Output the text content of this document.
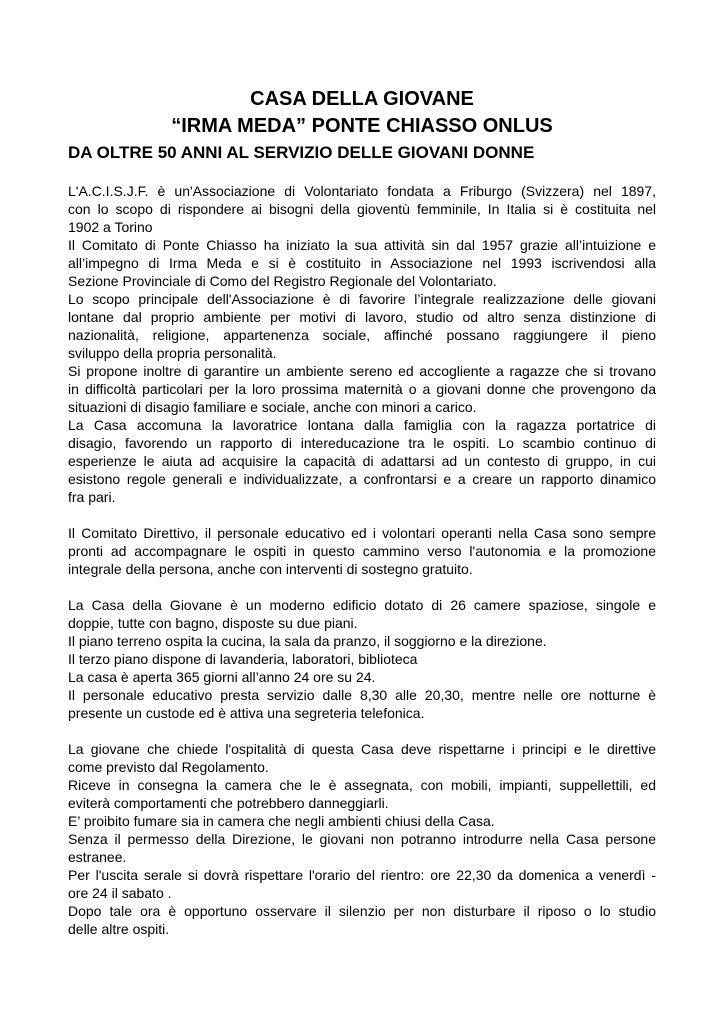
CASA DELLA GIOVANE
“IRMA MEDA” PONTE CHIASSO ONLUS
DA OLTRE 50 ANNI AL SERVIZIO DELLE GIOVANI DONNE

L'A.C.I.S.J.F. è un'Associazione di Volontariato fondata a Friburgo (Svizzera) nel 1897,
con lo scopo di rispondere ai bisogni della gioventù femminile, In Italia si è costituita nel
1902 a Torino

Il Comitato di Ponte Chiasso ha iniziato la sua attività sin dal 1957 grazie all’intuizione e
all’impegno di Irma Meda e si è costituito in Associazione nel 1993 iscrivendosi alla
Sezione Provinciale di Como del Registro Regionale del Volontariato.

Lo scopo principale dell'Associazione è di favorire l’integrale realizzazione delle giovani
lontane dal proprio ambiente per motivi di lavoro, studio od altro senza distinzione di
nazionalità, religione, appartenenza sociale, affinché possano raggiungere il pieno
sviluppo della propria personalità.

Si propone inoltre di garantire un ambiente sereno ed accogliente a ragazze che si trovano
in difficoltà particolari per la loro prossima maternità o a giovani donne che provengono da
situazioni di disagio familiare e sociale, anche con minori a carico.

La Casa accomuna la lavoratrice lontana dalla famiglia con la ragazza portatrice di
disagio, favorendo un rapporto di intereducazione tra le ospiti. Lo scambio continuo di
esperienze le aiuta ad acquisire la capacità di adattarsi ad un contesto di gruppo, in cui
esistono regole generali e individualizzate, a confrontarsi e a creare un rapporto dinamico
fra pari.

Il Comitato Direttivo, il personale educativo ed i volontari operanti nella Casa sono sempre
pronti ad accompagnare le ospiti in questo cammino verso l'autonomia e la promozione
integrale della persona, anche con interventi di sostegno gratuito.

La Casa della Giovane è un moderno edificio dotato di 26 camere spaziose, singole e
doppie, tutte con bagno, disposte su due piani.

Il piano terreno ospita la cucina, la sala da pranzo, il soggiorno e la direzione.

Il terzo piano dispone di lavanderia, laboratori, biblioteca

La casa è aperta 365 giorni all’anno 24 ore su 24.

Il personale educativo presta servizio dalle 8,30 alle 20,30, mentre nelle ore notturne è
presente un custode ed è attiva una segreteria telefonica.

La giovane che chiede l'ospitalità di questa Casa deve rispettarne i principi e le direttive
come previsto dal Regolamento.

Riceve in consegna la camera che le è assegnata, con mobili, impianti, suppellettili, ed
eviterà comportamenti che potrebbero danneggiarli.

E’ proibito fumare sia in camera che negli ambienti chiusi della Casa.

Senza il permesso della Direzione, le giovani non potranno introdurre nella Casa persone
estranee.

Per l'uscita serale si dovrà rispettare l'orario del rientro: ore 22,30 da domenica a venerdì -
ore 24 il sabato .

Dopo tale ora è opportuno osservare il silenzio per non disturbare il riposo o lo studio
delle altre ospiti.
